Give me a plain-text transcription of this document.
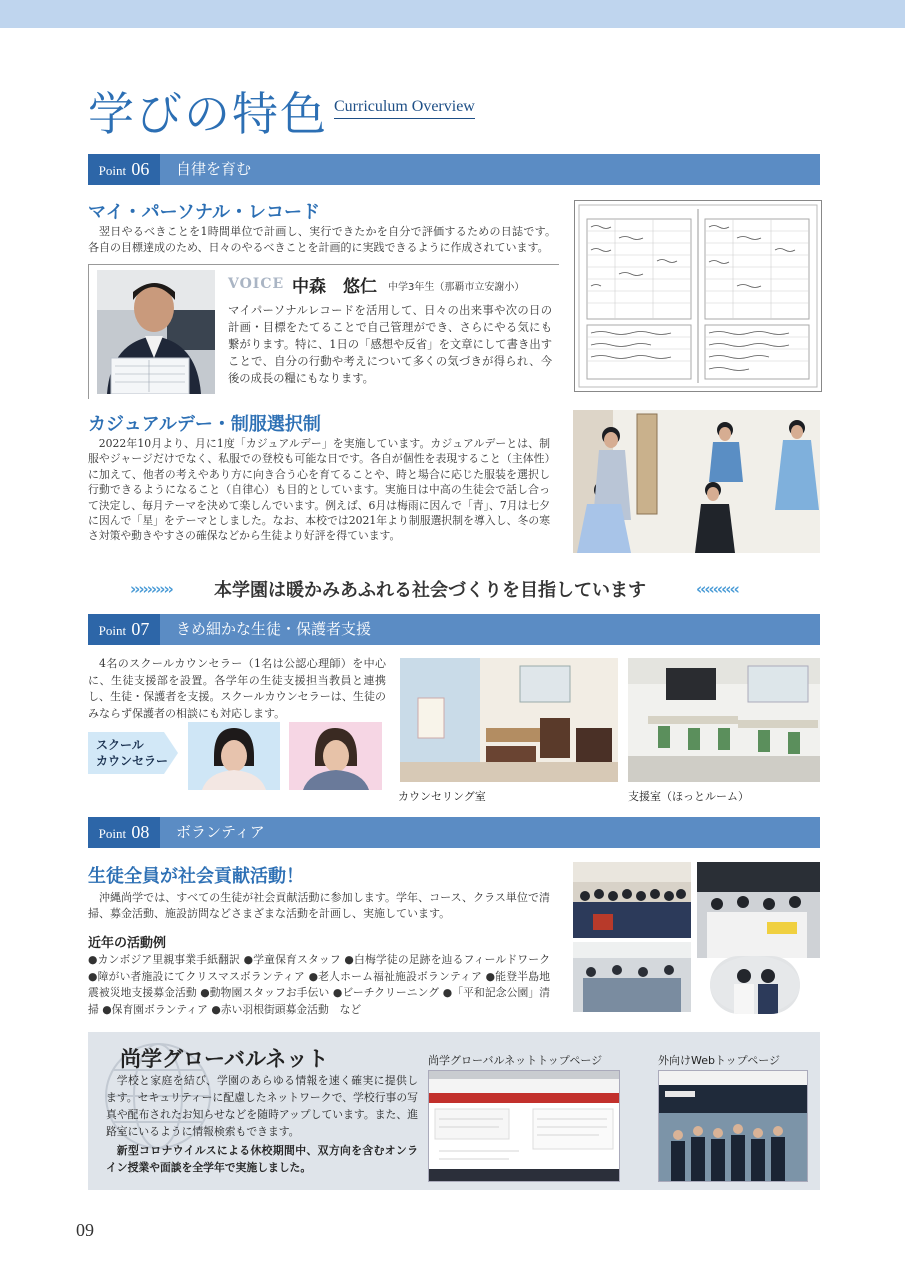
学びの特色 Curriculum Overview
Point 06	自律を育む
マイ・パーソナル・レコード
翌日やるべきことを1時間単位で計画し、実行できたかを自分で評価するための日誌です。各自の目標達成のため、日々のやるべきことを計画的に実践できるように作成されています。
VOICE 中森　悠仁 中学3年生（那覇市立安謝小）
マイパーソナルレコードを活用して、日々の出来事や次の日の計画・目標をたてることで自己管理ができ、さらにやる気にも繋がります。特に、1日の「感想や反省」を文章にして書き出すことで、自分の行動や考えについて多くの気づきが得られ、今後の成長の糧にもなります。
カジュアルデー・制服選択制
2022年10月より、月に1度「カジュアルデー」を実施しています。カジュアルデーとは、制服やジャージだけでなく、私服での登校も可能な日です。各自が個性を表現すること（主体性）に加えて、他者の考えやあり方に向き合う心を育てることや、時と場合に応じた服装を選択し行動できるようになること（自律心）も目的としています。実施日は中高の生徒会で話し合って決定し、毎月テーマを決めて楽しんでいます。例えば、6月は梅雨に因んで「青」、7月は七夕に因んで「星」をテーマとしました。なお、本校では2021年より制服選択制を導入し、冬の寒さ対策や動きやすさの確保などから生徒より好評を得ています。
›››››››››› 本学園は暖かみあふれる社会づくりを目指しています	‹‹‹‹‹‹‹‹‹‹
Point 07	きめ細かな生徒・保護者支援
4名のスクールカウンセラー（1名は公認心理師）を中心に、生徒支援部を設置。各学年の生徒支援担当教員と連携し、生徒・保護者を支援。スクールカウンセラーは、生徒のみならず保護者の相談にも対応します。
スクール
カウンセラー
カウンセリング室	支援室（ほっとルーム）
Point 08	ボランティア
生徒全員が社会貢献活動！
沖縄尚学では、すべての生徒が社会貢献活動に参加します。学年、コース、クラス単位で清掃、募金活動、施設訪問などさまざまな活動を計画し、実施しています。
近年の活動例
●カンボジア里親事業手紙翻訳 ●学童保育スタッフ ●白梅学徒の足跡を辿るフィールドワーク ●障がい者施設にてクリスマスボランティア ●老人ホーム福祉施設ボランティア ●能登半島地震被災地支援募金活動 ●動物園スタッフお手伝い ●ビーチクリーニング ●「平和記念公園」清掃 ●保育園ボランティア ●赤い羽根街頭募金活動　など
尚学グローバルネット
学校と家庭を結び、学園のあらゆる情報を速く確実に提供します。セキュリティーに配慮したネットワークで、学校行事の写真や配布されたお知らせなどを随時アップしています。また、進路室にいるように情報検索もできます。
新型コロナウイルスによる休校期間中、双方向を含むオンライン授業や面談を全学年で実施しました。
尚学グローバルネットトップページ	外向けWebトップページ
09
